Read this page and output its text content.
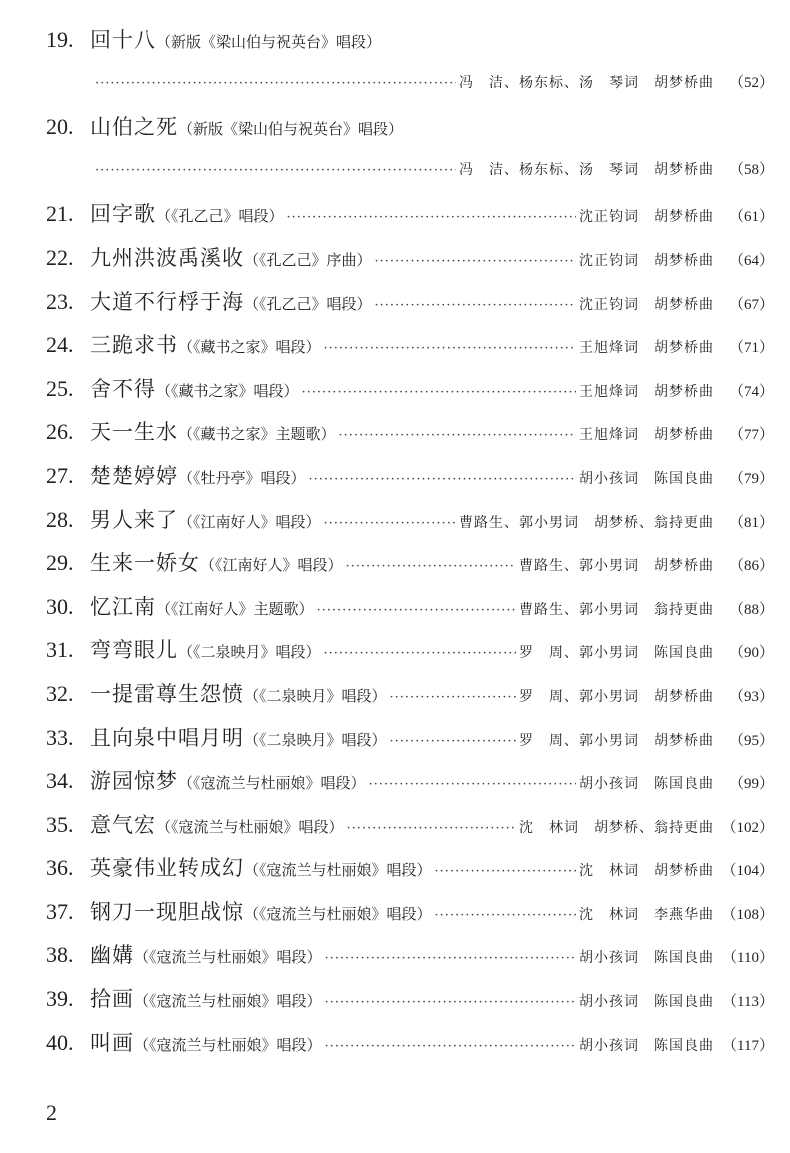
19. 回十八 （新版《梁山伯与祝英台》唱段）
·····
冯　洁、杨东标、汤　琴词　胡梦桥曲 （52）
20. 山伯之死 （新版《梁山伯与祝英台》唱段）
·····
冯　洁、杨东标、汤　琴词　胡梦桥曲 （58）
21. 回字歌 （《孔乙己》唱段） ·····	沈正钧词　胡梦桥曲 （61）
22. 九州洪波禹溪收 （《孔乙己》序曲） ·····	沈正钧词　胡梦桥曲 （64）
23. 大道不行桴于海 （《孔乙己》唱段） ·····	沈正钧词　胡梦桥曲 （67）
24. 三跪求书 （《藏书之家》唱段） ·····	王旭烽词　胡梦桥曲 （71）
25. 舍不得 （《藏书之家》唱段） ·····	王旭烽词　胡梦桥曲 （74）
26. 天一生水 （《藏书之家》主题歌） ·····	王旭烽词　胡梦桥曲 （77）
27. 楚楚婷婷 （《牡丹亭》唱段） ·····	胡小孩词　陈国良曲 （79）
28. 男人来了 （《江南好人》唱段） ·····	曹路生、郭小男词　胡梦桥、翁持更曲 （81）
29. 生来一娇女 （《江南好人》唱段） ·····	曹路生、郭小男词　胡梦桥曲 （86）
30. 忆江南 （《江南好人》主题歌） ·····	曹路生、郭小男词　翁持更曲 （88）
31. 弯弯眼儿 （《二泉映月》唱段） ·····	罗　周、郭小男词　陈国良曲 （90）
32. 一提雷尊生怨愤 （《二泉映月》唱段） ·····	罗　周、郭小男词　胡梦桥曲 （93）
33. 且向泉中唱月明 （《二泉映月》唱段） ·····	罗　周、郭小男词　胡梦桥曲 （95）
34. 游园惊梦 （《寇流兰与杜丽娘》唱段） ·····	胡小孩词　陈国良曲 （99）
35. 意气宏 （《寇流兰与杜丽娘》唱段） ·····	沈　林词　胡梦桥、翁持更曲 （102）
36. 英豪伟业转成幻 （《寇流兰与杜丽娘》唱段） ·····	沈　林词　胡梦桥曲 （104）
37. 钢刀一现胆战惊 （《寇流兰与杜丽娘》唱段） ·····	沈　林词　李燕华曲 （108）
38. 幽媾 （《寇流兰与杜丽娘》唱段） ·····	胡小孩词　陈国良曲 （110）
39. 拾画 （《寇流兰与杜丽娘》唱段） ·····	胡小孩词　陈国良曲 （113）
40. 叫画 （《寇流兰与杜丽娘》唱段） ·····	胡小孩词　陈国良曲 （117）
2
